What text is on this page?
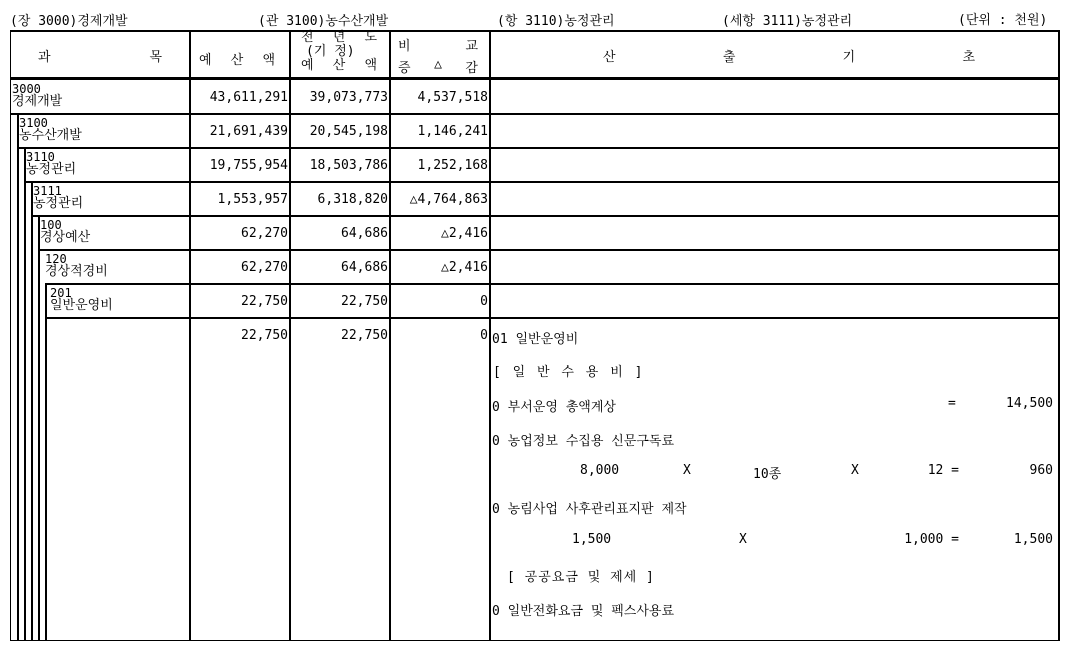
(장 3000)경제개발	(관 3100)농수산개발	(항 3110)농정관리	(세항 3111)농정관리	(단위 : 천원)
과	목	예 산 액
전 년 도
(기 정)
예 산 액
비	교
증 △ 감
산	출	기	초
3000
경제개발	43,611,291 39,073,773 4,537,518
3100
농수산개발	21,691,439 20,545,198 1,146,241
3110
농정관리	19,755,954 18,503,786 1,252,168
3111
농정관리	1,553,957 6,318,820 △4,764,863
100
경상예산	62,270	64,686	△2,416
120
경상적경비	62,270	64,686	△2,416
201
일반운영비	22,750	22,750	0
22,750	22,750	0 01 일반운영비
[ 일 반 수 용 비 ]
0 부서운영 총액계상	=	14,500
0 농업정보 수집용 신문구독료
8,000	X	10종	X	12 =	960
0 농림사업 사후관리표지판 제작
1,500	X	1,000 =	1,500
[ 공공요금 및 제세 ]
0 일반전화요금 및 펙스사용료
